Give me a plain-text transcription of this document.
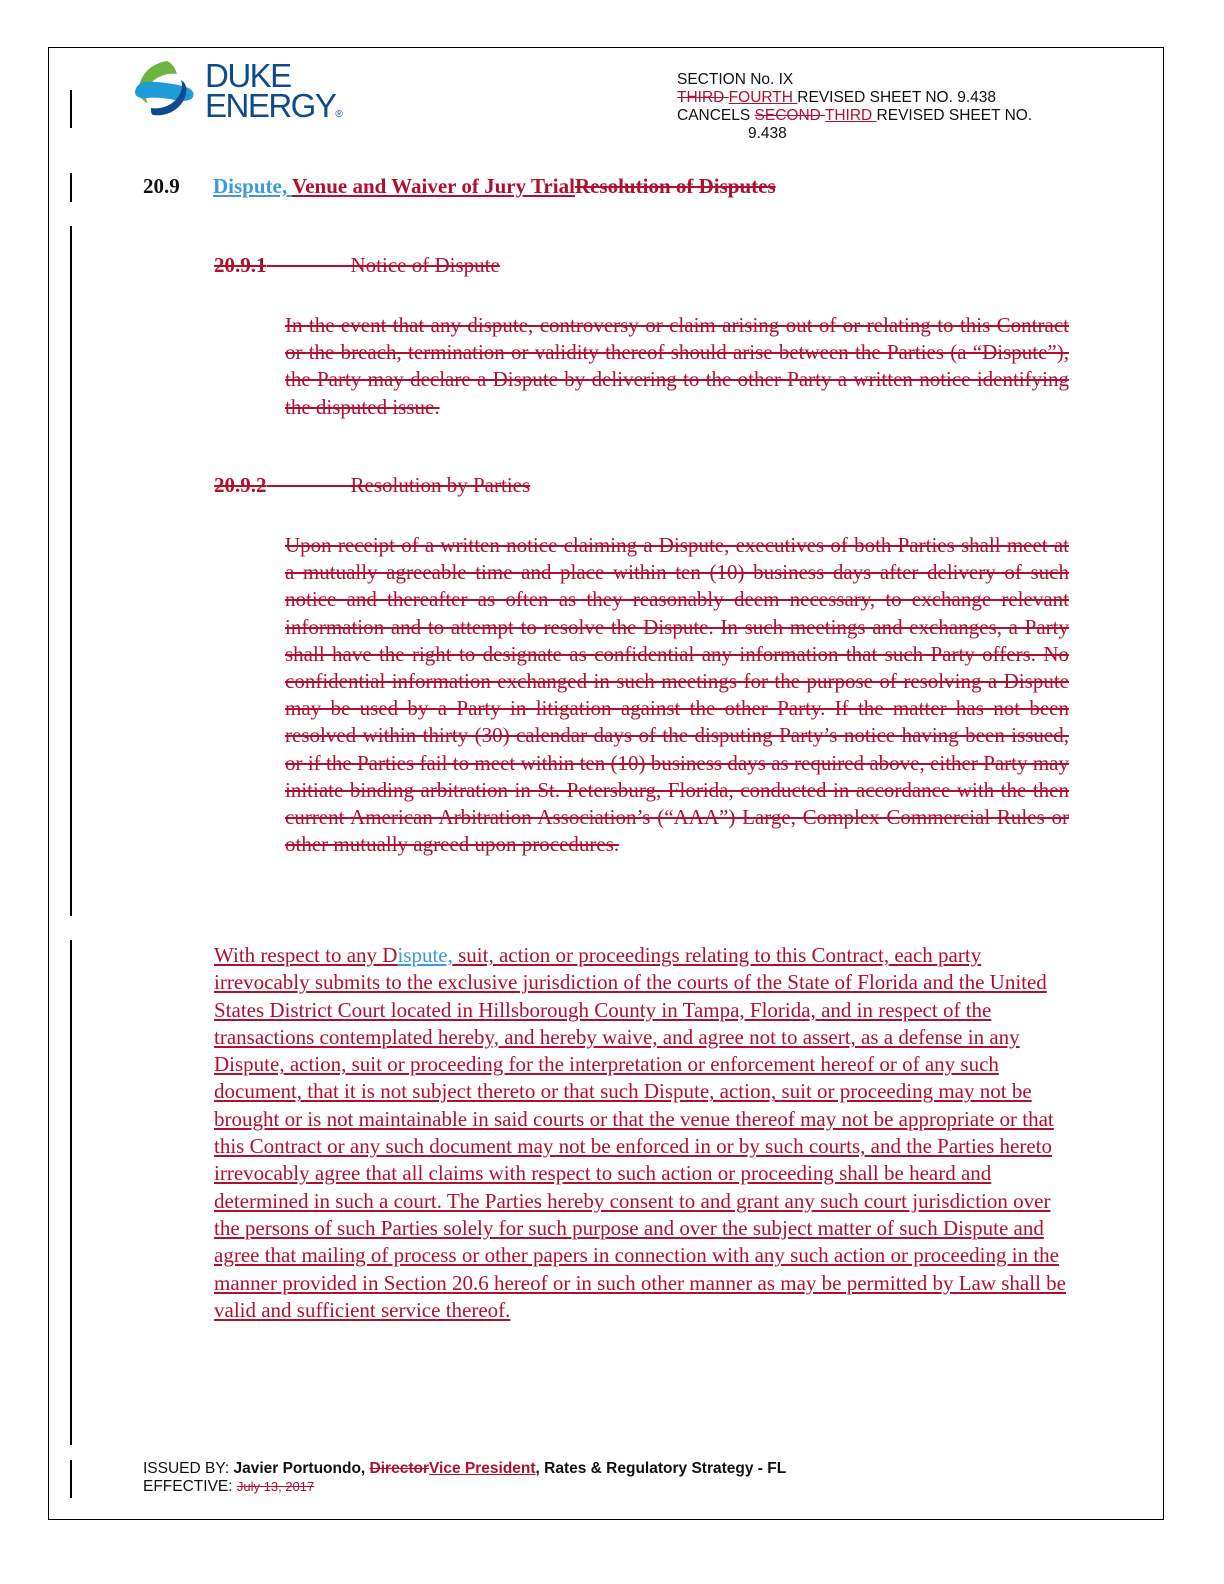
DUKE
ENERGY®
SECTION No. IX
THIRD FOURTH REVISED SHEET NO. 9.438
CANCELS SECOND THIRD REVISED SHEET NO.
9.438
20.9 Dispute, Venue and Waiver of Jury TrialResolution of Disputes
20.9.1	Notice of Dispute
In the event that any dispute, controversy or claim arising out of or relating to this Contract or the breach, termination or validity thereof should arise between the Parties (a “Dispute”), the Party may declare a Dispute by delivering to the other Party a written notice identifying the disputed issue.
20.9.2	Resolution by Parties
Upon receipt of a written notice claiming a Dispute, executives of both Parties shall meet at a mutually agreeable time and place within ten (10) business days after delivery of such notice and thereafter as often as they reasonably deem necessary, to exchange relevant information and to attempt to resolve the Dispute. In such meetings and exchanges, a Party shall have the right to designate as confidential any information that such Party offers. No confidential information exchanged in such meetings for the purpose of resolving a Dispute may be used by a Party in litigation against the other Party. If the matter has not been resolved within thirty (30) calendar days of the disputing Party’s notice having been issued, or if the Parties fail to meet within ten (10) business days as required above, either Party may initiate binding arbitration in St. Petersburg, Florida, conducted in accordance with the then current American Arbitration Association’s (“AAA”) Large, Complex Commercial Rules or other mutually agreed upon procedures.
With respect to any Dispute, suit, action or proceedings relating to this Contract, each party irrevocably submits to the exclusive jurisdiction of the courts of the State of Florida and the United States District Court located in Hillsborough County in Tampa, Florida, and in respect of the transactions contemplated hereby, and hereby waive, and agree not to assert, as a defense in any Dispute, action, suit or proceeding for the interpretation or enforcement hereof or of any such document, that it is not subject thereto or that such Dispute, action, suit or proceeding may not be brought or is not maintainable in said courts or that the venue thereof may not be appropriate or that this Contract or any such document may not be enforced in or by such courts, and the Parties hereto irrevocably agree that all claims with respect to such action or proceeding shall be heard and determined in such a court. The Parties hereby consent to and grant any such court jurisdiction over the persons of such Parties solely for such purpose and over the subject matter of such Dispute and agree that mailing of process or other papers in connection with any such action or proceeding in the manner provided in Section 20.6 hereof or in such other manner as may be permitted by Law shall be valid and sufficient service thereof.
ISSUED BY: Javier Portuondo, DirectorVice President, Rates & Regulatory Strategy - FL
EFFECTIVE: July 13, 2017
